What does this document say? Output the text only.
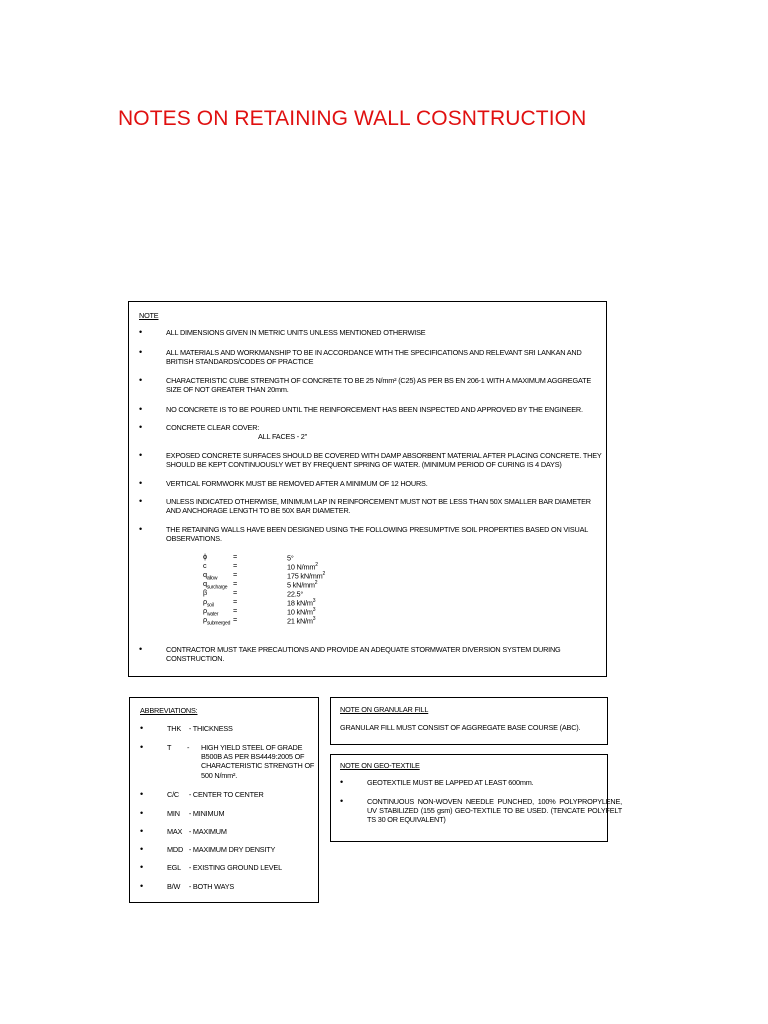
NOTES ON RETAINING WALL COSNTRUCTION
NOTE
•	ALL DIMENSIONS GIVEN IN METRIC UNITS UNLESS MENTIONED OTHERWISE
•	ALL MATERIALS AND WORKMANSHIP TO BE IN ACCORDANCE WITH THE SPECIFICATIONS AND RELEVANT SRI LANKAN AND BRITISH STANDARDS/CODES OF PRACTICE
•	CHARACTERISTIC CUBE STRENGTH OF CONCRETE TO BE 25 N/mm² (C25) AS PER BS EN 206-1 WITH A MAXIMUM AGGREGATE SIZE OF NOT GREATER THAN 20mm.
•	NO CONCRETE IS TO BE POURED UNTIL THE REINFORCEMENT HAS BEEN INSPECTED AND APPROVED BY THE ENGINEER.
•	CONCRETE CLEAR COVER:
ALL FACES - 2"
•	EXPOSED CONCRETE SURFACES SHOULD BE COVERED WITH DAMP ABSORBENT MATERIAL AFTER PLACING CONCRETE. THEY SHOULD BE KEPT CONTINUOUSLY WET BY FREQUENT SPRING OF WATER. (MINIMUM PERIOD OF CURING IS 4 DAYS)
•	VERTICAL FORMWORK MUST BE REMOVED AFTER A MINIMUM OF 12 HOURS.
•	UNLESS INDICATED OTHERWISE, MINIMUM LAP IN REINFORCEMENT MUST NOT BE LESS THAN 50X SMALLER BAR DIAMETER AND ANCHORAGE LENGTH TO BE 50X BAR DIAMETER.
•	THE RETAINING WALLS HAVE BEEN DESIGNED USING THE FOLLOWING PRESUMPTIVE SOIL PROPERTIES BASED ON VISUAL OBSERVATIONS.
•	CONTRACTOR MUST TAKE PRECAUTIONS AND PROVIDE AN ADEQUATE STORMWATER DIVERSION SYSTEM DURING CONSTRUCTION.
ϕ	=	5°
c	=	10 $N/mm^2$
$q_{allow}$ =	175 $kN/mm^2$
$q_{surcharge}$ =	5 $kN/mm^2$
β	=	22.5°
$\rho_{soil}$	=	18 $kN/m^3$
$\rho_{water}$ =	10 $kN/m^3$
$\rho_{submerged}$ =	21 $kN/m^3$
ABBREVIATIONS:
•	THK - THICKNESS
•	T	-	HIGH YIELD STEEL OF GRADE B500B AS PER BS4449:2005 OF CHARACTERISTIC STRENGTH OF 500 N/mm².
•	C/C - CENTER TO CENTER
•	MIN - MINIMUM
•	MAX - MAXIMUM
•	MDD - MAXIMUM DRY DENSITY
•	EGL - EXISTING GROUND LEVEL
•	B/W - BOTH WAYS
NOTE ON GRANULAR FILL
GRANULAR FILL MUST CONSIST OF AGGREGATE BASE COURSE (ABC).
NOTE ON GEO-TEXTILE
•	GEOTEXTILE MUST BE LAPPED AT LEAST 600mm.
•	CONTINUOUS NON-WOVEN NEEDLE PUNCHED, 100% POLYPROPYLENE, UV STABILIZED (155 gsm) GEO-TEXTILE TO BE USED. (TENCATE POLYFELT TS 30 OR EQUIVALENT)
